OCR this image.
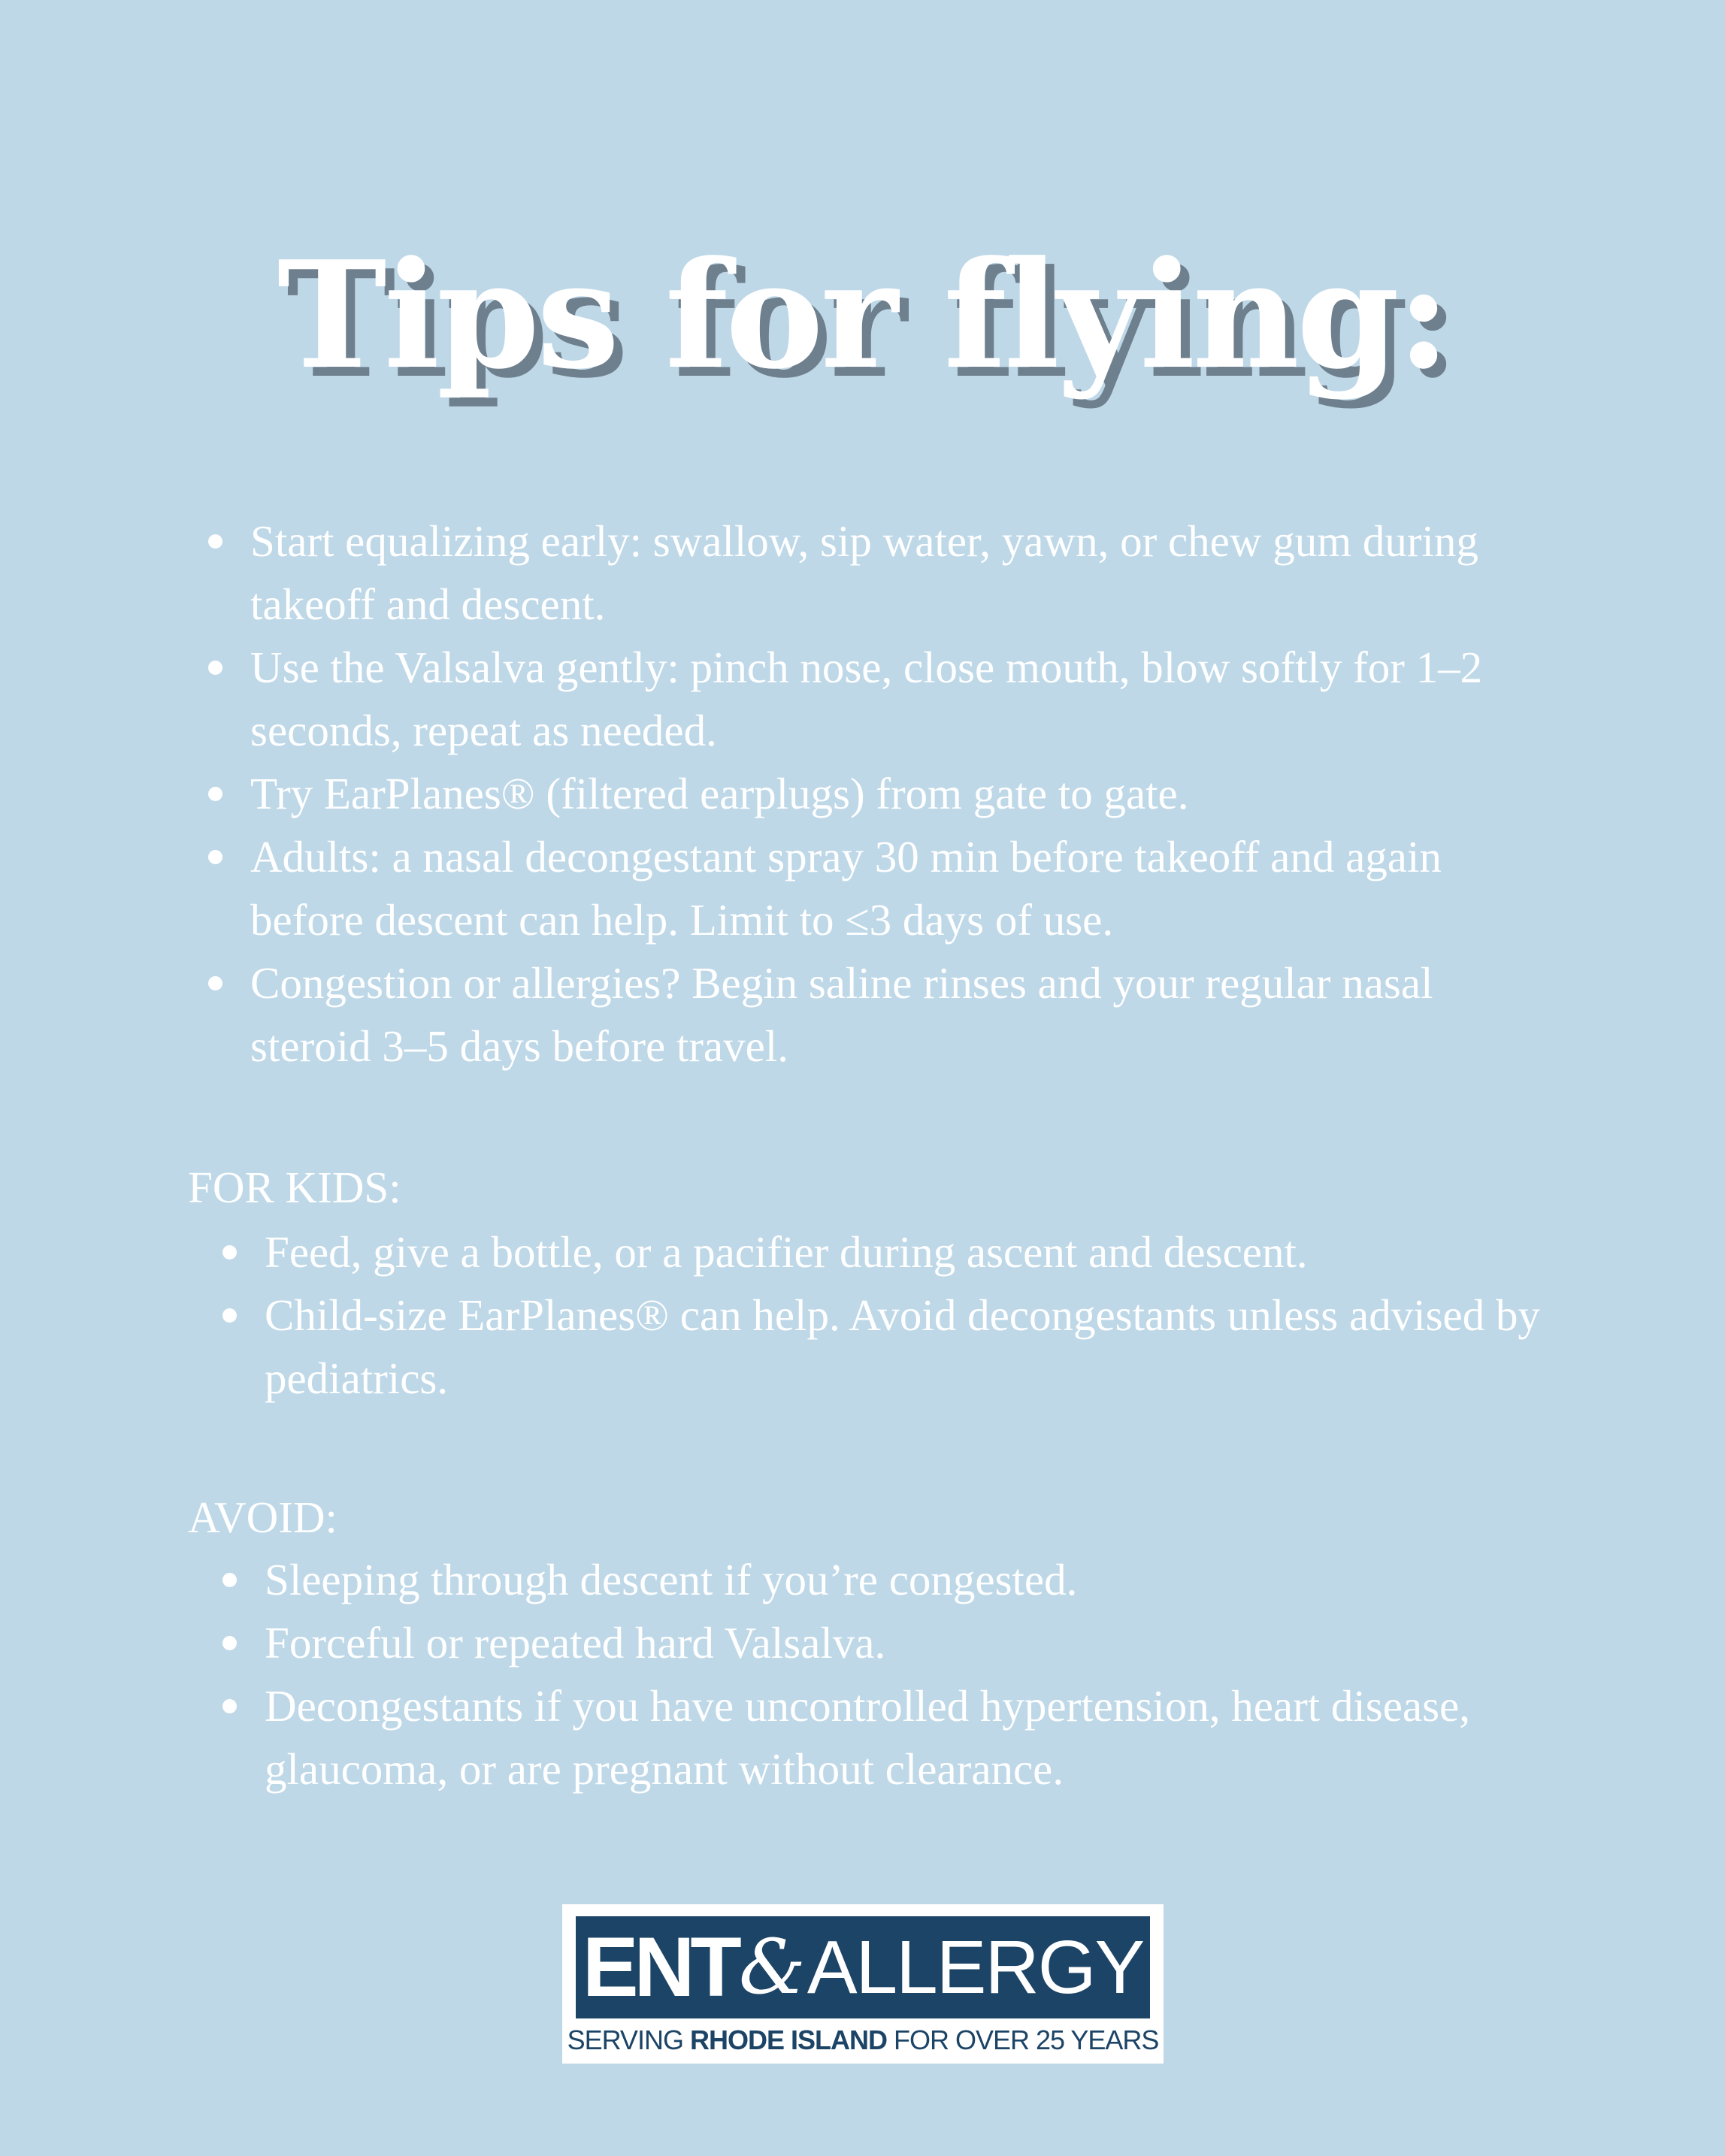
Tips for flying:
Start equalizing early: swallow, sip water, yawn, or chew gum during takeoff and descent.
Use the Valsalva gently: pinch nose, close mouth, blow softly for 1–2 seconds, repeat as needed.
Try EarPlanes® (filtered earplugs) from gate to gate.
Adults: a nasal decongestant spray 30 min before takeoff and again before descent can help. Limit to ≤3 days of use.
Congestion or allergies? Begin saline rinses and your regular nasal steroid 3–5 days before travel.
FOR KIDS:
Feed, give a bottle, or a pacifier during ascent and descent.
Child-size EarPlanes® can help. Avoid decongestants unless advised by pediatrics.
AVOID:
Sleeping through descent if you’re congested.
Forceful or repeated hard Valsalva.
Decongestants if you have uncontrolled hypertension, heart disease, glaucoma, or are pregnant without clearance.
ENT & ALLERGY
SERVING RHODE ISLAND FOR OVER 25 YEARS
